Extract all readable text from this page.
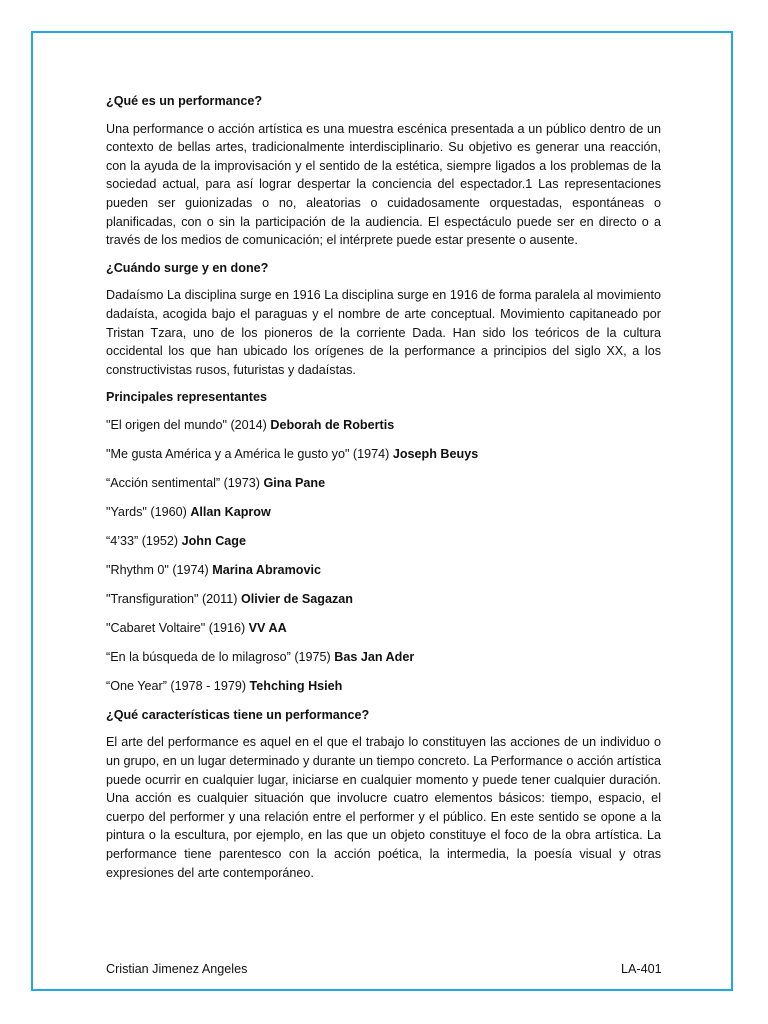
¿Qué es un performance?

Una performance o acción artística es una muestra escénica presentada a un público dentro de un contexto de bellas artes, tradicionalmente interdisciplinario. Su objetivo es generar una reacción, con la ayuda de la improvisación y el sentido de la estética, siempre ligados a los problemas de la sociedad actual, para así lograr despertar la conciencia del espectador.1 Las representaciones pueden ser guionizadas o no, aleatorias o cuidadosamente orquestadas, espontáneas o planificadas, con o sin la participación de la audiencia. El espectáculo puede ser en directo o a través de los medios de comunicación; el intérprete puede estar presente o ausente.

¿Cuándo surge y en done?

Dadaísmo La disciplina surge en 1916 La disciplina surge en 1916 de forma paralela al movimiento dadaísta, acogida bajo el paraguas y el nombre de arte conceptual. Movimiento capitaneado por Tristan Tzara, uno de los pioneros de la corriente Dada. Han sido los teóricos de la cultura occidental los que han ubicado los orígenes de la performance a principios del siglo XX, a los constructivistas rusos, futuristas y dadaístas.

Principales representantes

"El origen del mundo" (2014) Deborah de Robertis

"Me gusta América y a América le gusto yo" (1974) Joseph Beuys

“Acción sentimental” (1973) Gina Pane

"Yards" (1960) Allan Kaprow

“4’33” (1952) John Cage

"Rhythm 0" (1974) Marina Abramovic

"Transfiguration" (2011) Olivier de Sagazan

"Cabaret Voltaire" (1916) VV AA

“En la búsqueda de lo milagroso” (1975) Bas Jan Ader

“One Year” (1978 - 1979) Tehching Hsieh

¿Qué características tiene un performance?

El arte del performance es aquel en el que el trabajo lo constituyen las acciones de un individuo o un grupo, en un lugar determinado y durante un tiempo concreto. La Performance o acción artística puede ocurrir en cualquier lugar, iniciarse en cualquier momento y puede tener cualquier duración. Una acción es cualquier situación que involucre cuatro elementos básicos: tiempo, espacio, el cuerpo del performer y una relación entre el performer y el público. En este sentido se opone a la pintura o la escultura, por ejemplo, en las que un objeto constituye el foco de la obra artística. La performance tiene parentesco con la acción poética, la intermedia, la poesía visual y otras expresiones del arte contemporáneo.

Cristian Jimenez Angeles	LA-401
